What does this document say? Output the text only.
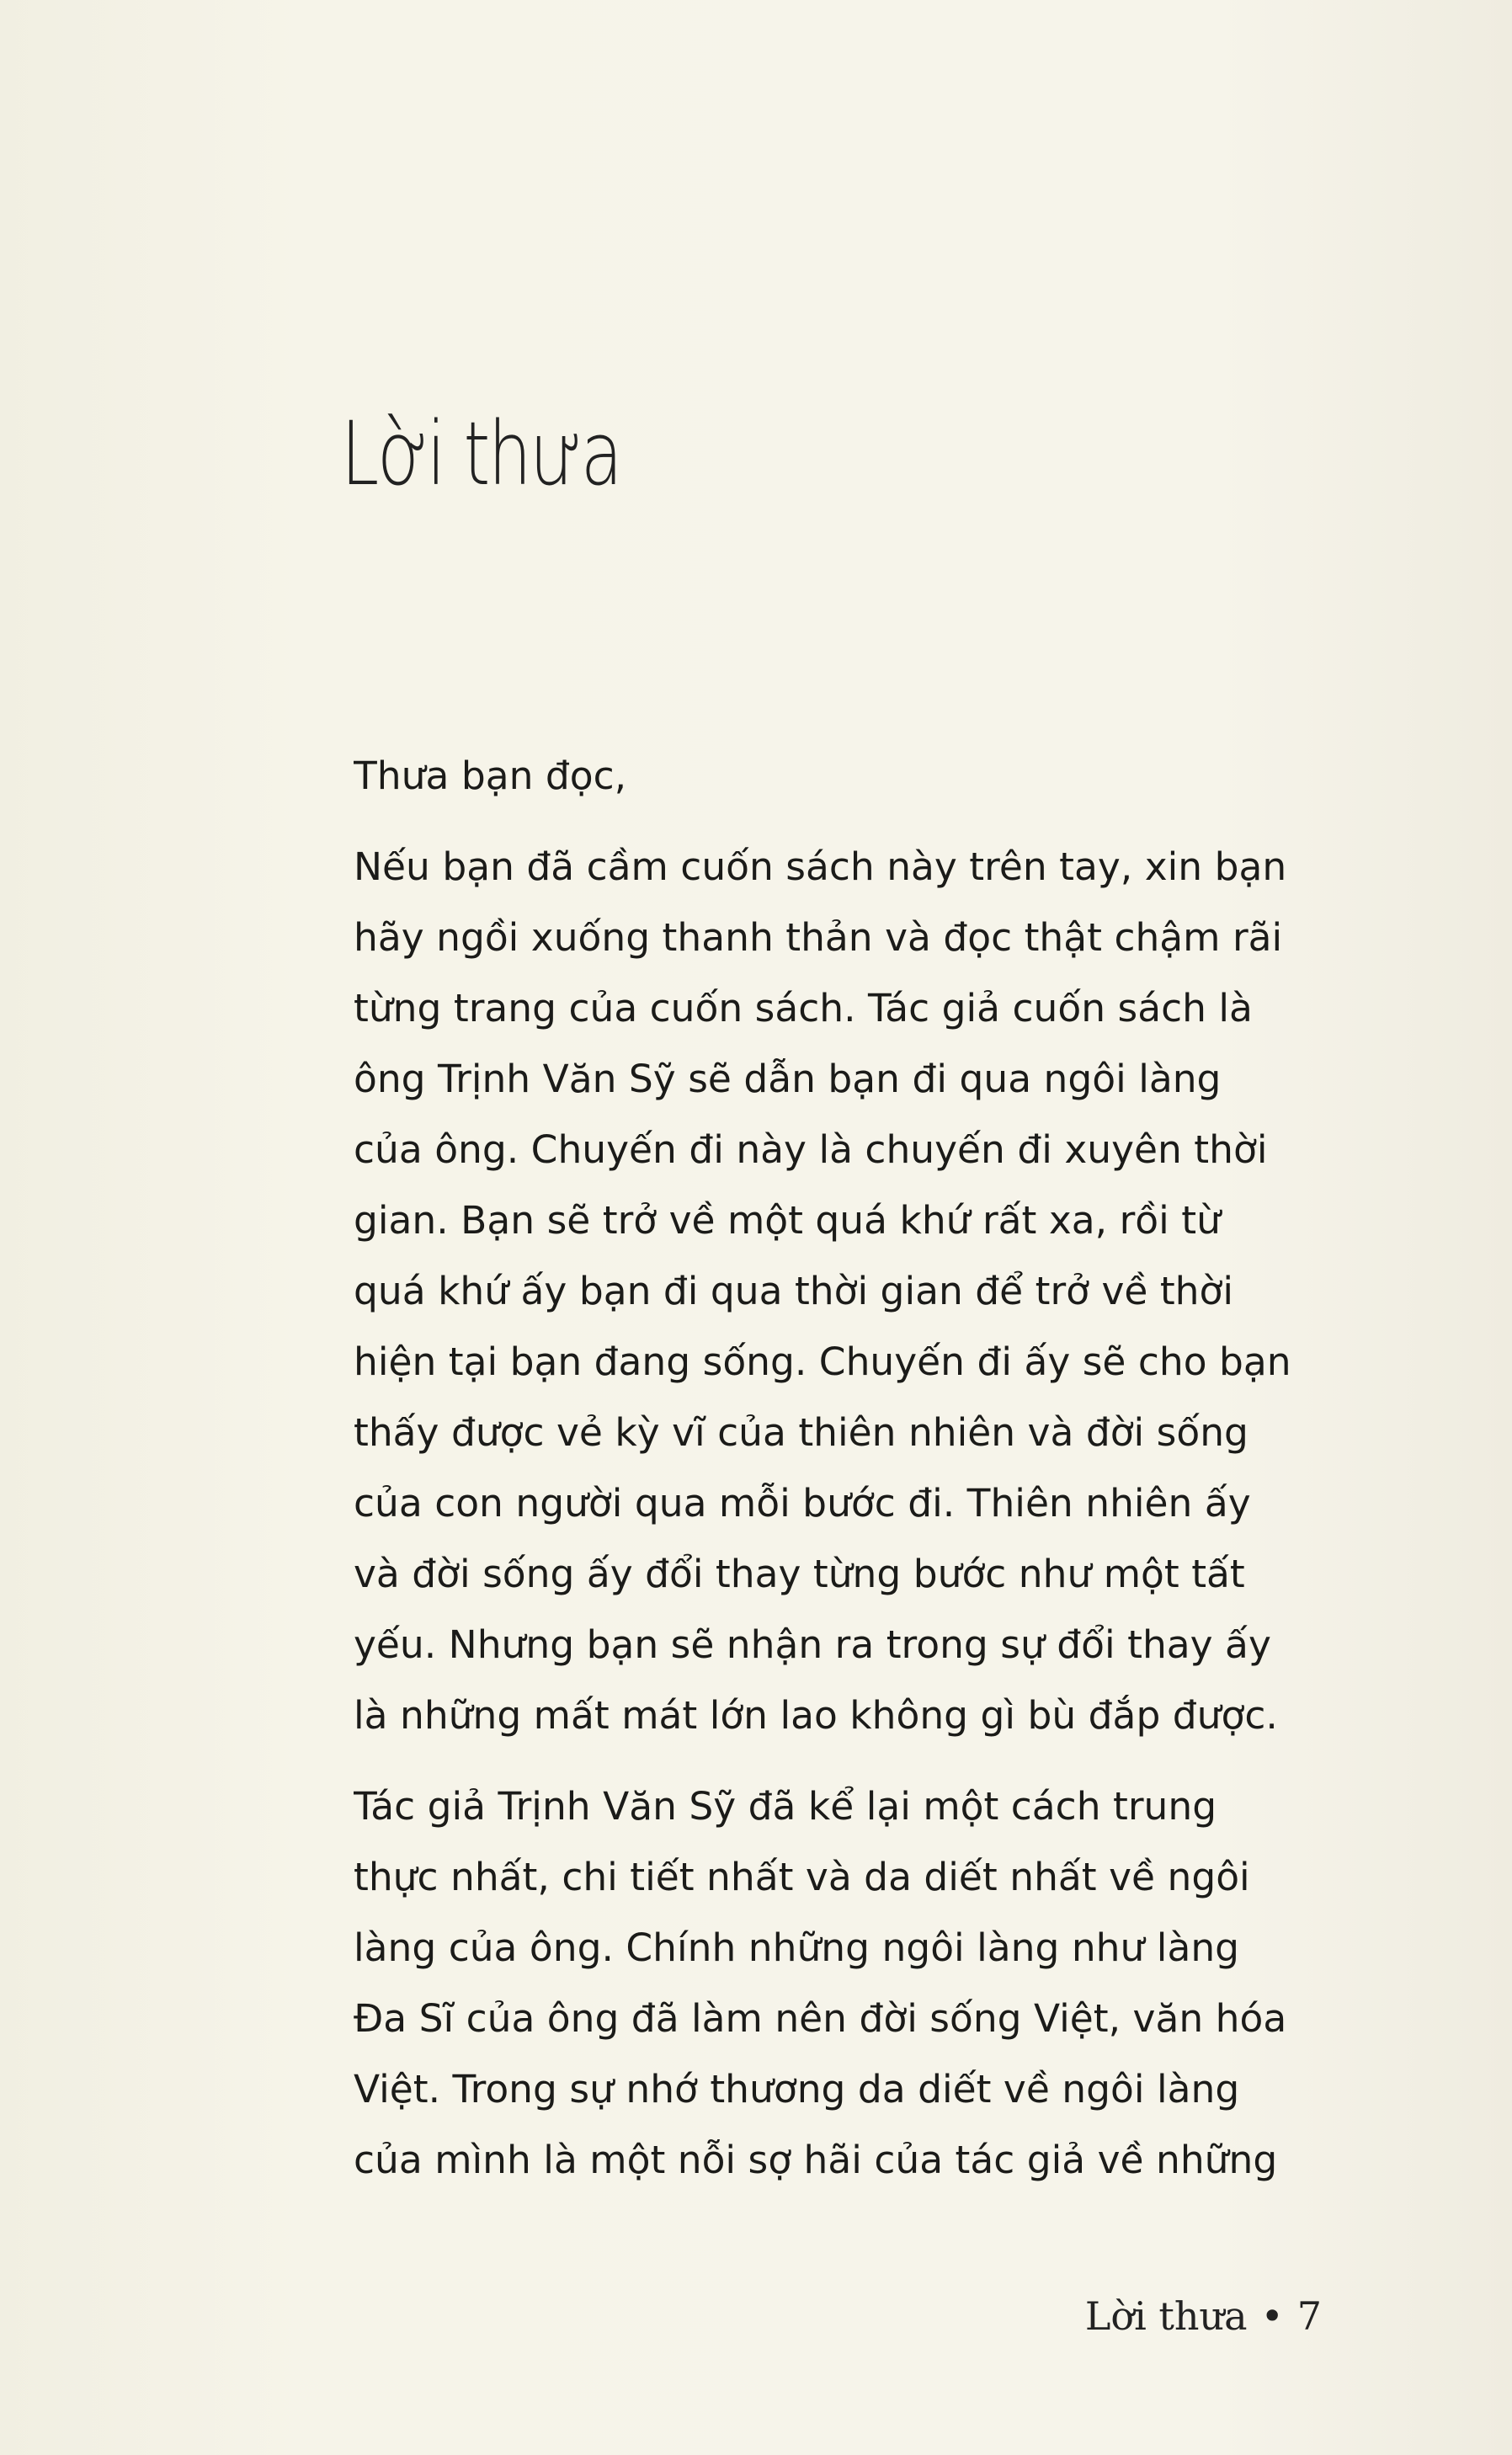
Lời thưa
Thưa bạn đọc,
Nếu bạn đã cầm cuốn sách này trên tay, xin bạn
hãy ngồi xuống thanh thản và đọc thật chậm rãi
từng trang của cuốn sách. Tác giả cuốn sách là
ông Trịnh Văn Sỹ sẽ dẫn bạn đi qua ngôi làng
của ông. Chuyến đi này là chuyến đi xuyên thời
gian. Bạn sẽ trở về một quá khứ rất xa, rồi từ
quá khứ ấy bạn đi qua thời gian để trở về thời
hiện tại bạn đang sống. Chuyến đi ấy sẽ cho bạn
thấy được vẻ kỳ vĩ của thiên nhiên và đời sống
của con người qua mỗi bước đi. Thiên nhiên ấy
và đời sống ấy đổi thay từng bước như một tất
yếu. Nhưng bạn sẽ nhận ra trong sự đổi thay ấy
là những mất mát lớn lao không gì bù đắp được.
Tác giả Trịnh Văn Sỹ đã kể lại một cách trung
thực nhất, chi tiết nhất và da diết nhất về ngôi
làng của ông. Chính những ngôi làng như làng
Đa Sĩ của ông đã làm nên đời sống Việt, văn hóa
Việt. Trong sự nhớ thương da diết về ngôi làng
của mình là một nỗi sợ hãi của tác giả về những
Lời thưa • 7
